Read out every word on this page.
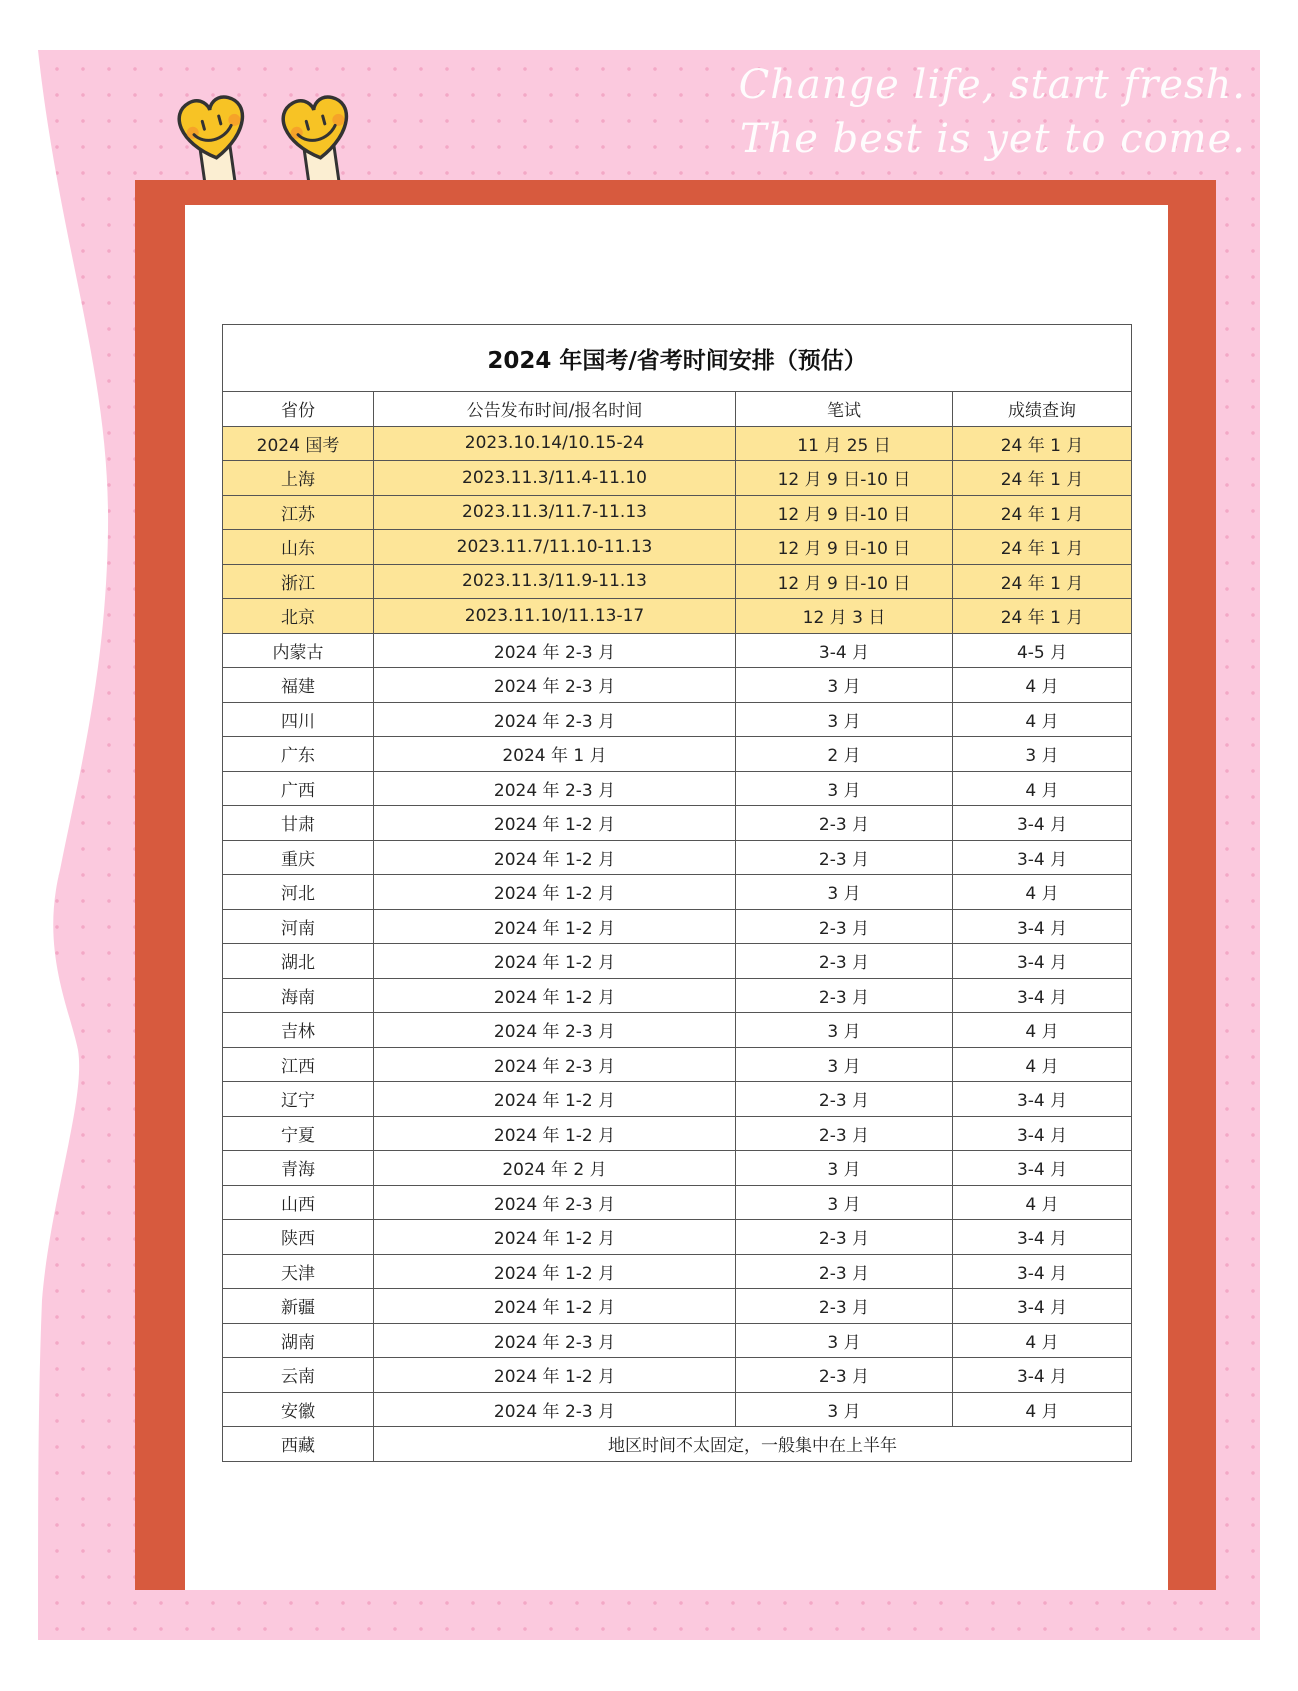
Change life, start fresh.
The best is yet to come.
2024 年国考/省考时间安排（预估）			
省份	公告发布时间/报名时间	笔试	成绩查询
2024 国考	2023.10.14/10.15-24	11 月 25 日	24 年 1 月
上海	2023.11.3/11.4-11.10	12 月 9 日-10 日	24 年 1 月
江苏	2023.11.3/11.7-11.13	12 月 9 日-10 日	24 年 1 月
山东	2023.11.7/11.10-11.13	12 月 9 日-10 日	24 年 1 月
浙江	2023.11.3/11.9-11.13	12 月 9 日-10 日	24 年 1 月
北京	2023.11.10/11.13-17	12 月 3 日	24 年 1 月
内蒙古	2024 年 2-3 月	3-4 月	4-5 月
福建	2024 年 2-3 月	3 月	4 月
四川	2024 年 2-3 月	3 月	4 月
广东	2024 年 1 月	2 月	3 月
广西	2024 年 2-3 月	3 月	4 月
甘肃	2024 年 1-2 月	2-3 月	3-4 月
重庆	2024 年 1-2 月	2-3 月	3-4 月
河北	2024 年 1-2 月	3 月	4 月
河南	2024 年 1-2 月	2-3 月	3-4 月
湖北	2024 年 1-2 月	2-3 月	3-4 月
海南	2024 年 1-2 月	2-3 月	3-4 月
吉林	2024 年 2-3 月	3 月	4 月
江西	2024 年 2-3 月	3 月	4 月
辽宁	2024 年 1-2 月	2-3 月	3-4 月
宁夏	2024 年 1-2 月	2-3 月	3-4 月
青海	2024 年 2 月	3 月	3-4 月
山西	2024 年 2-3 月	3 月	4 月
陕西	2024 年 1-2 月	2-3 月	3-4 月
天津	2024 年 1-2 月	2-3 月	3-4 月
新疆	2024 年 1-2 月	2-3 月	3-4 月
湖南	2024 年 2-3 月	3 月	4 月
云南	2024 年 1-2 月	2-3 月	3-4 月
安徽	2024 年 2-3 月	3 月	4 月
西藏	地区时间不太固定，一般集中在上半年		
